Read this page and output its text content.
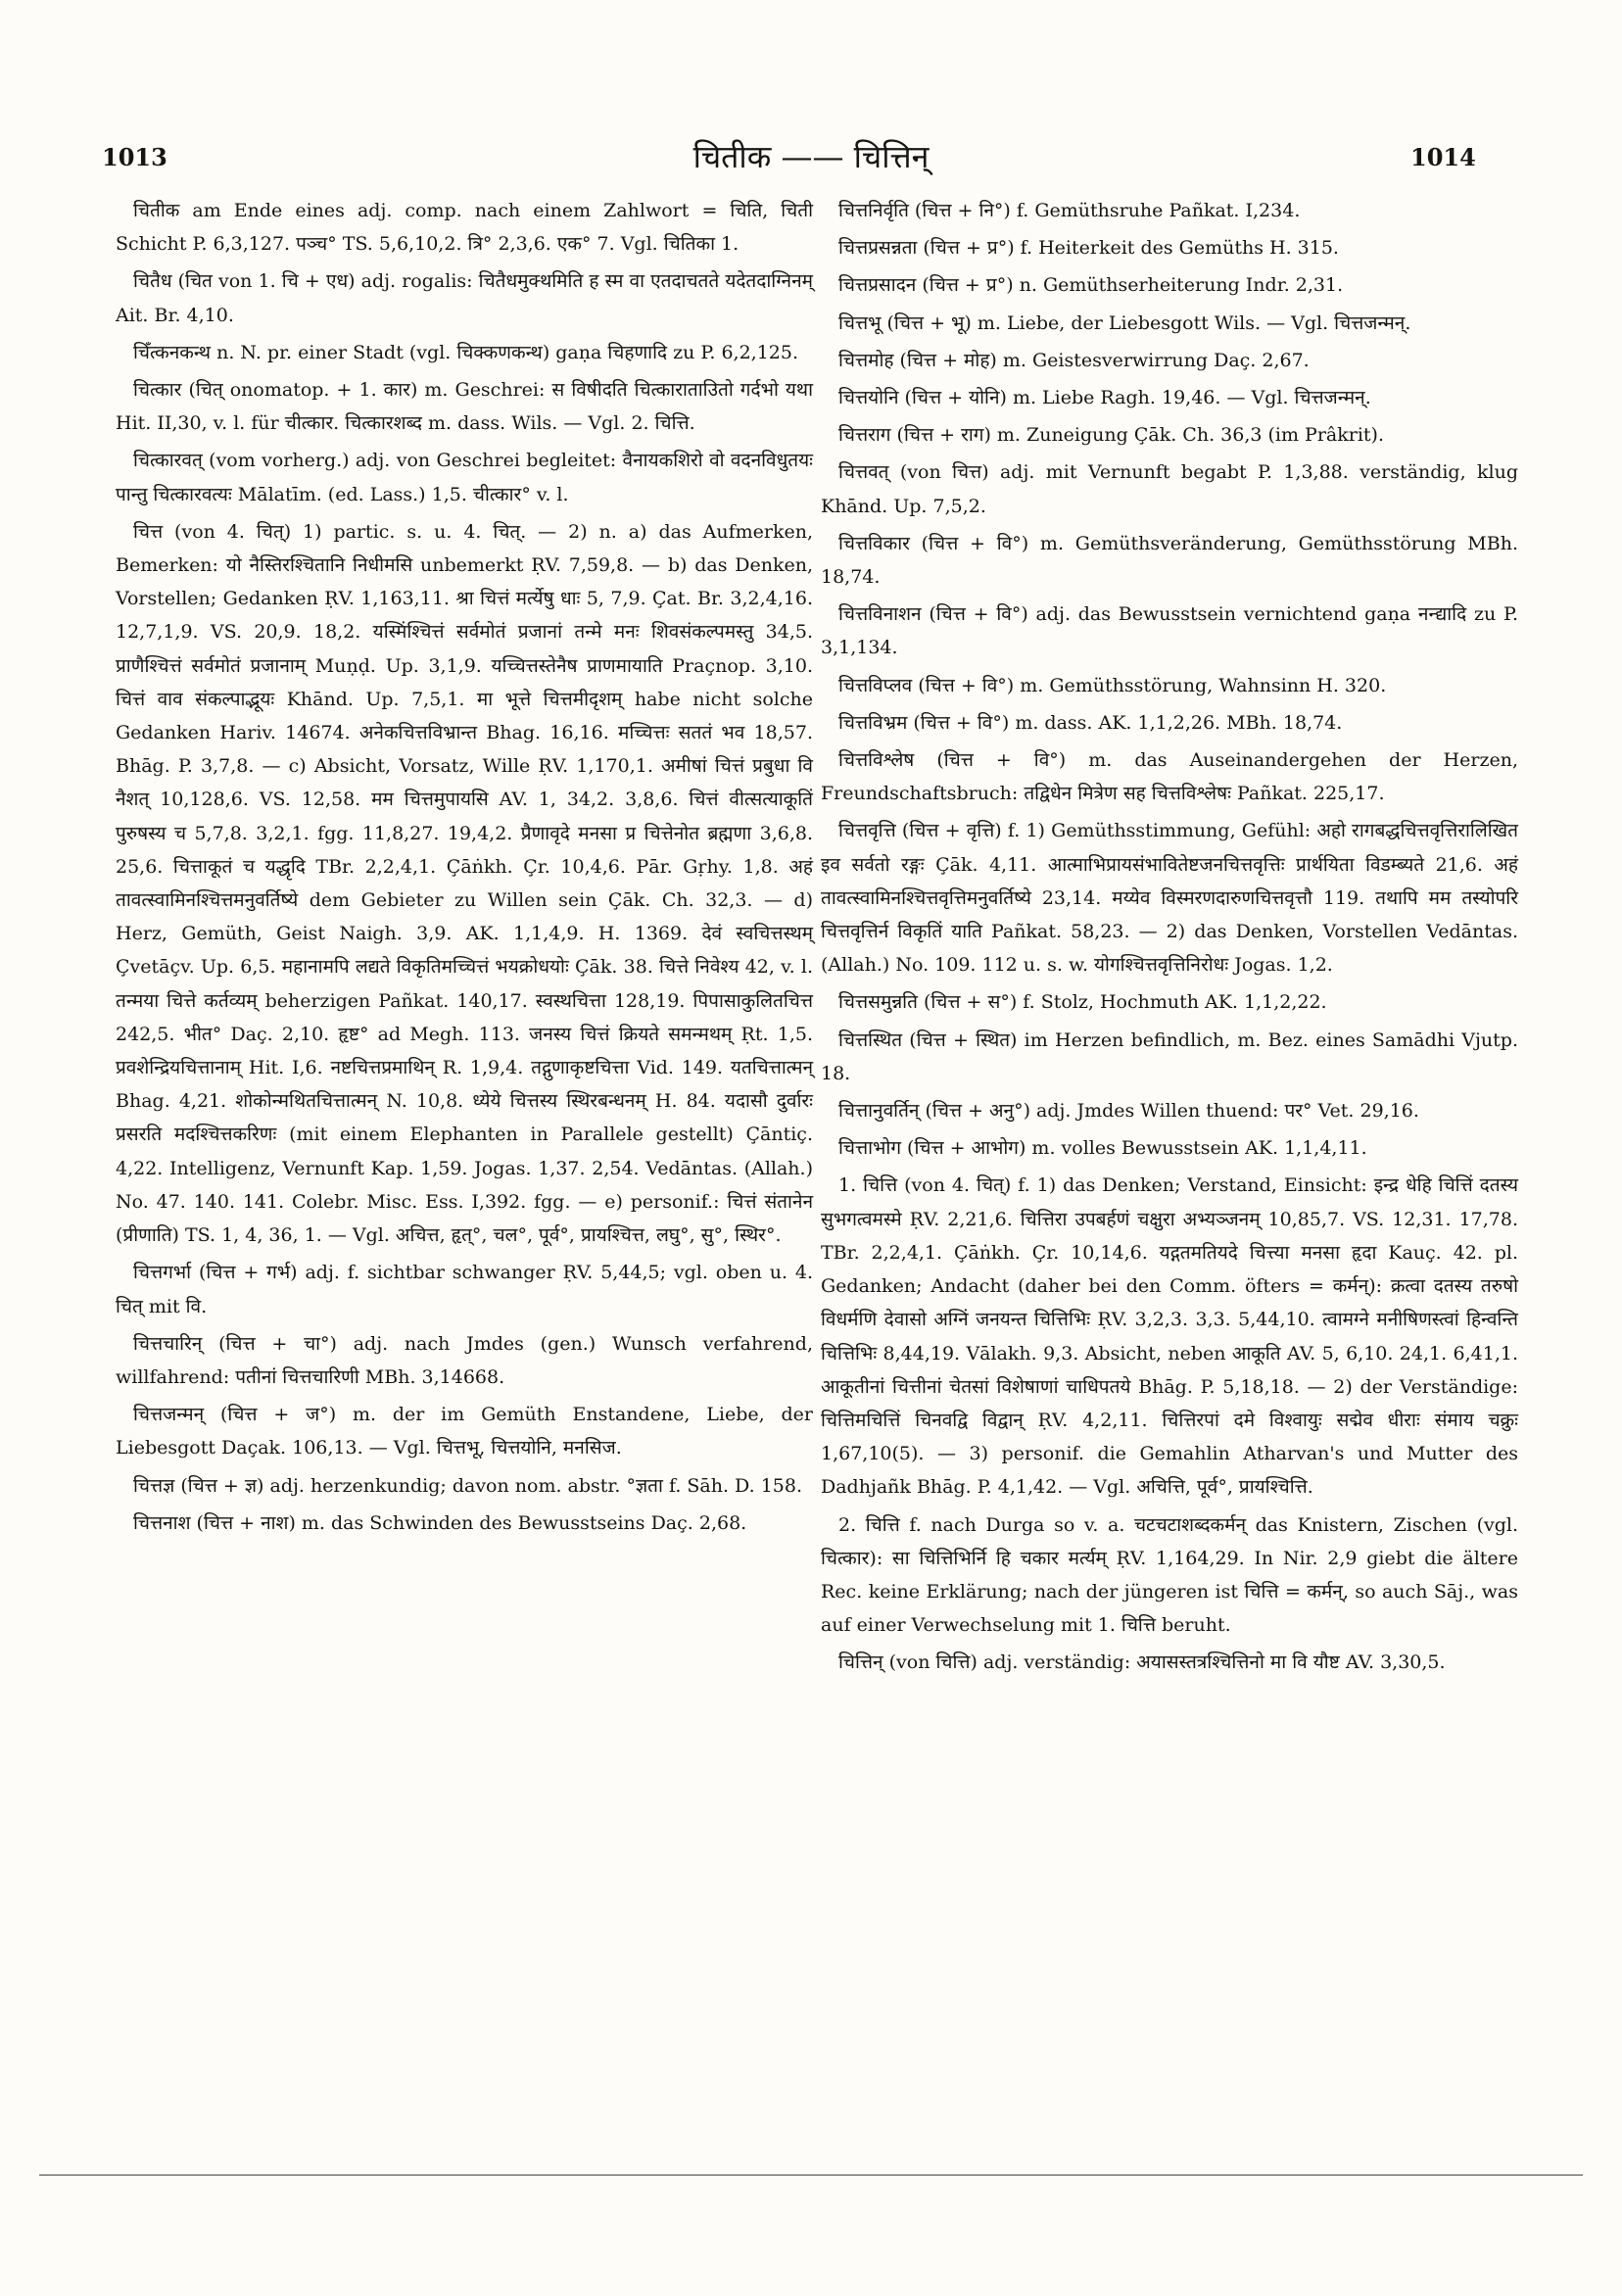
1013	चितीक —— चित्तिन्	1014

चितीक am Ende eines adj. comp. nach einem Zahlwort = चिति, चिती Schicht P. 6,3,127. पञ्च° TS. 5,6,10,2. त्रि° 2,3,6. एक° 7. Vgl. चितिका 1.

चितैध (चित von 1. चि + एध) adj. rogalis: चितैधमुक्थमिति ह स्म वा एतदाचतते यदेतदाग्निनम् Ait. Br. 4,10.

चिँत्कनकन्थ n. N. pr. einer Stadt (vgl. चिक्कणकन्थ) gaṇa चिहणादि zu P. 6,2,125.

चित्कार (चित् onomatop. + 1. कार) m. Geschrei: स विषीदति चित्काराताउितो गर्दभो यथा Hit. II,30, v. l. für चीत्कार. चित्कारशब्द m. dass. Wils. — Vgl. 2. चित्ति.

चित्कारवत् (vom vorherg.) adj. von Geschrei begleitet: वैनायकशिरो वो वदनविधुतयः पान्तु चित्कारवत्यः Mālatīm. (ed. Lass.) 1,5. चीत्कार° v. l.

चित्त (von 4. चित्) 1) partic. s. u. 4. चित्. — 2) n. a) das Aufmerken, Bemerken: यो नैस्तिरश्चितानि निधीमसि unbemerkt ṚV. 7,59,8. — b) das Denken, Vorstellen; Gedanken ṚV. 1,163,11. श्रा चित्तं मर्त्येषु धाः 5, 7,9. Çat. Br. 3,2,4,16. 12,7,1,9. VS. 20,9. 18,2. यस्मिंश्चित्तं सर्वमोतं प्रजानां तन्मे मनः शिवसंकल्पमस्तु 34,5. प्राणैश्चित्तं सर्वमोतं प्रजानाम् Muṇḍ. Up. 3,1,9. यच्चित्तस्तेनैष प्राणमायाति Praçnop. 3,10. चित्तं वाव संकल्पाद्भूयः Khānd. Up. 7,5,1. मा भूत्ते चित्तमीदृशम् habe nicht solche Gedanken Hariv. 14674. अनेकचित्तविभ्रान्त Bhag. 16,16. मच्चित्तः सततं भव 18,57. Bhāg. P. 3,7,8. — c) Absicht, Vorsatz, Wille ṚV. 1,170,1. अमीषां चित्तं प्रबुधा वि नैशत् 10,128,6. VS. 12,58. मम चित्तमुपायसि AV. 1, 34,2. 3,8,6. चित्तं वीत्सत्याकूतिं पुरुषस्य च 5,7,8. 3,2,1. fgg. 11,8,27. 19,4,2. प्रैणावृदे मनसा प्र चित्तेनोत ब्रह्मणा 3,6,8. 25,6. चित्ताकूतं च यद्धृदि TBr. 2,2,4,1. Çāṅkh. Çr. 10,4,6. Pār. Gṛhy. 1,8. अहं तावत्स्वामिनश्चित्तमनुवर्तिष्ये dem Gebieter zu Willen sein Çāk. Ch. 32,3. — d) Herz, Gemüth, Geist Naigh. 3,9. AK. 1,1,4,9. H. 1369. देवं स्वचित्तस्थम् Çvetāçv. Up. 6,5. महानामपि लद्यते विकृतिमच्चित्तं भयक्रोधयोः Çāk. 38. चित्ते निवेश्य 42, v. l. तन्मया चित्ते कर्तव्यम् beherzigen Pañkat. 140,17. स्वस्थचित्ता 128,19. पिपासाकुलितचित्त 242,5. भीत° Daç. 2,10. हृष्ट° ad Megh. 113. जनस्य चित्तं क्रियते समन्मथम् Ṛt. 1,5. प्रवशेन्द्रियचित्तानाम् Hit. I,6. नष्टचित्तप्रमाथिन् R. 1,9,4. तद्गुणाकृष्टचित्ता Vid. 149. यतचित्तात्मन् Bhag. 4,21. शोकोन्मथितचित्तात्मन् N. 10,8. ध्येये चित्तस्य स्थिरबन्धनम् H. 84. यदासौ दुर्वारः प्रसरति मदश्चित्तकरिणः (mit einem Elephanten in Parallele gestellt) Çāntiç. 4,22. Intelligenz, Vernunft Kap. 1,59. Jogas. 1,37. 2,54. Vedāntas. (Allah.) No. 47. 140. 141. Colebr. Misc. Ess. I,392. fgg. — e) personif.: चित्तं संतानेन (प्रीणाति) TS. 1, 4, 36, 1. — Vgl. अचित्त, हृत्°, चल°, पूर्व°, प्रायश्चित्त, लघु°, सु°, स्थिर°.

चित्तगर्भा (चित्त + गर्भ) adj. f. sichtbar schwanger ṚV. 5,44,5; vgl. oben u. 4. चित् mit वि.

चित्तचारिन् (चित्त + चा°) adj. nach Jmdes (gen.) Wunsch verfahrend, willfahrend: पतीनां चित्तचारिणी MBh. 3,14668.

चित्तजन्मन् (चित्त + ज°) m. der im Gemüth Enstandene, Liebe, der Liebesgott Daçak. 106,13. — Vgl. चित्तभू, चित्तयोनि, मनसिज.

चित्तज्ञ (चित्त + ज्ञ) adj. herzenkundig; davon nom. abstr. °ज्ञता f. Sāh. D. 158.

चित्तनाश (चित्त + नाश) m. das Schwinden des Bewusstseins Daç. 2,68.

चित्तनिर्वृति (चित्त + नि°) f. Gemüthsruhe Pañkat. I,234.

चित्तप्रसन्नता (चित्त + प्र°) f. Heiterkeit des Gemüths H. 315.

चित्तप्रसादन (चित्त + प्र°) n. Gemüthserheiterung Indr. 2,31.

चित्तभू (चित्त + भू) m. Liebe, der Liebesgott Wils. — Vgl. चित्तजन्मन्.

चित्तमोह (चित्त + मोह) m. Geistesverwirrung Daç. 2,67.

चित्तयोनि (चित्त + योनि) m. Liebe Ragh. 19,46. — Vgl. चित्तजन्मन्.

चित्तराग (चित्त + राग) m. Zuneigung Çāk. Ch. 36,3 (im Prâkrit).

चित्तवत् (von चित्त) adj. mit Vernunft begabt P. 1,3,88. verständig, klug Khānd. Up. 7,5,2.

चित्तविकार (चित्त + वि°) m. Gemüthsveränderung, Gemüthsstörung MBh. 18,74.

चित्तविनाशन (चित्त + वि°) adj. das Bewusstsein vernichtend gaṇa नन्द्यादि zu P. 3,1,134.

चित्तविप्लव (चित्त + वि°) m. Gemüthsstörung, Wahnsinn H. 320.

चित्तविभ्रम (चित्त + वि°) m. dass. AK. 1,1,2,26. MBh. 18,74.

चित्तविश्लेष (चित्त + वि°) m. das Auseinandergehen der Herzen, Freundschaftsbruch: तद्विधेन मित्रेण सह चित्तविश्लेषः Pañkat. 225,17.

चित्तवृत्ति (चित्त + वृत्ति) f. 1) Gemüthsstimmung, Gefühl: अहो रागबद्धचित्तवृत्तिरालिखित इव सर्वतो रङ्गः Çāk. 4,11. आत्माभिप्रायसंभावितेष्टजनचित्तवृत्तिः प्रार्थयिता विडम्ब्यते 21,6. अहं तावत्स्वामिनश्चित्तवृत्तिमनुवर्तिष्ये 23,14. मय्येव विस्मरणदारुणचित्तवृत्तौ 119. तथापि मम तस्योपरि चित्तवृत्तिर्न विकृतिं याति Pañkat. 58,23. — 2) das Denken, Vorstellen Vedāntas. (Allah.) No. 109. 112 u. s. w. योगश्चित्तवृत्तिनिरोधः Jogas. 1,2.

चित्तसमुन्नति (चित्त + स°) f. Stolz, Hochmuth AK. 1,1,2,22.

चित्तस्थित (चित्त + स्थित) im Herzen befindlich, m. Bez. eines Samādhi Vjutp. 18.

चित्तानुवर्तिन् (चित्त + अनु°) adj. Jmdes Willen thuend: पर° Vet. 29,16.

चित्ताभोग (चित्त + आभोग) m. volles Bewusstsein AK. 1,1,4,11.

1. चित्ति (von 4. चित्) f. 1) das Denken; Verstand, Einsicht: इन्द्र धेहि चित्तिं दतस्य सुभगत्वमस्मे ṚV. 2,21,6. चित्तिरा उपबर्हणं चक्षुरा अभ्यञ्जनम् 10,85,7. VS. 12,31. 17,78. TBr. 2,2,4,1. Çāṅkh. Çr. 10,14,6. यद्गतमतियदे चित्त्या मनसा हृदा Kauç. 42. pl. Gedanken; Andacht (daher bei den Comm. öfters = कर्मन्): क्रत्वा दतस्य तरुषो विधर्मणि देवासो अग्निं जनयन्त चित्तिभिः ṚV. 3,2,3. 3,3. 5,44,10. त्वामग्ने मनीषिणस्त्वां हिन्वन्ति चित्तिभिः 8,44,19. Vālakh. 9,3. Absicht, neben आकूति AV. 5, 6,10. 24,1. 6,41,1. आकूतीनां चित्तीनां चेतसां विशेषाणां चाधिपतये Bhāg. P. 5,18,18. — 2) der Verständige: चित्तिमचित्तिं चिनवद्वि विद्वान् ṚV. 4,2,11. चित्तिरपां दमे विश्वायुः सद्मेव धीराः संमाय चक्रुः 1,67,10(5). — 3) personif. die Gemahlin Atharvan's und Mutter des Dadhjañk Bhāg. P. 4,1,42. — Vgl. अचित्ति, पूर्व°, प्रायश्चित्ति.

2. चित्ति f. nach Durga so v. a. चटचटाशब्दकर्मन् das Knistern, Zischen (vgl. चित्कार): सा चित्तिभिर्नि हि चकार मर्त्यम् ṚV. 1,164,29. In Nir. 2,9 giebt die ältere Rec. keine Erklärung; nach der jüngeren ist चित्ति = कर्मन्, so auch Sāj., was auf einer Verwechselung mit 1. चित्ति beruht.

चित्तिन् (von चित्ति) adj. verständig: अयासस्तत्रश्चित्तिनो मा वि यौष्ट AV. 3,30,5.
